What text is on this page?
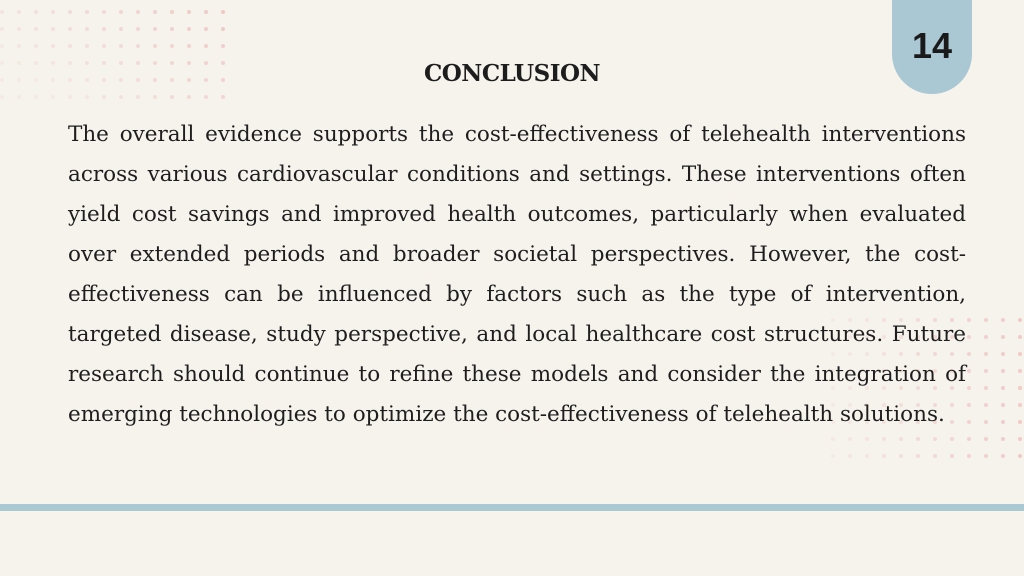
14
CONCLUSION
The overall evidence supports the cost-effectiveness of telehealth interventions across various cardiovascular conditions and settings. These interventions often yield cost savings and improved health outcomes, particularly when evaluated over extended periods and broader societal perspectives. However, the cost-effectiveness can be influenced by factors such as the type of intervention, targeted disease, study perspective, and local healthcare cost structures. Future research should continue to refine these models and consider the integration of emerging technologies to optimize the cost-effectiveness of telehealth solutions.
